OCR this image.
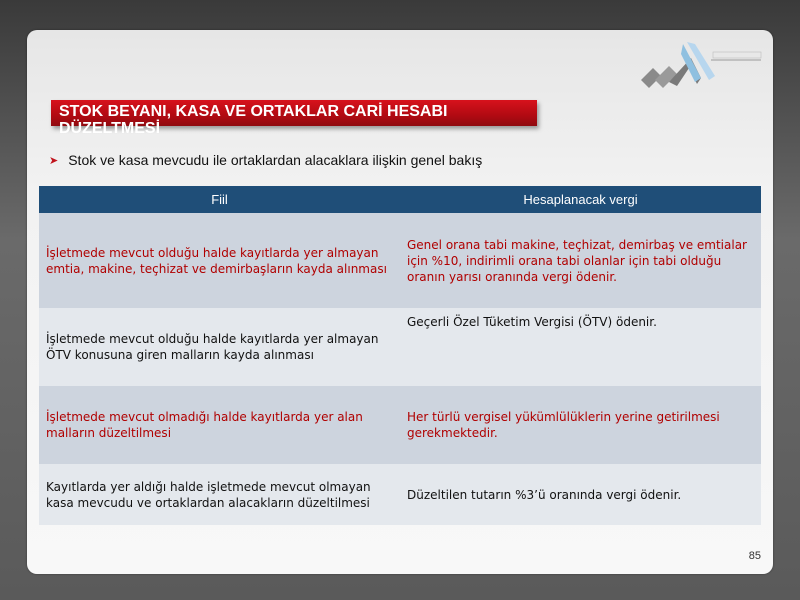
STOK BEYANI, KASA VE ORTAKLAR CARİ HESABI DÜZELTMESİ
➤ Stok ve kasa mevcudu ile ortaklardan alacaklara ilişkin genel bakış
Fiil	Hesaplanacak vergi
İşletmede mevcut olduğu halde kayıtlarda yer almayan emtia, makine, teçhizat ve demirbaşların kayda alınması	Genel orana tabi makine, teçhizat, demirbaş ve emtialar için %10, indirimli orana tabi olanlar için tabi olduğu oranın yarısı oranında vergi ödenir.
İşletmede mevcut olduğu halde kayıtlarda yer almayan ÖTV konusuna giren malların kayda alınması	Geçerli Özel Tüketim Vergisi (ÖTV) ödenir.
İşletmede mevcut olmadığı halde kayıtlarda yer alan malların düzeltilmesi	Her türlü vergisel yükümlülüklerin yerine getirilmesi gerekmektedir.
Kayıtlarda yer aldığı halde işletmede mevcut olmayan kasa mevcudu ve ortaklardan alacakların düzeltilmesi	Düzeltilen tutarın %3’ü oranında vergi ödenir.
85
